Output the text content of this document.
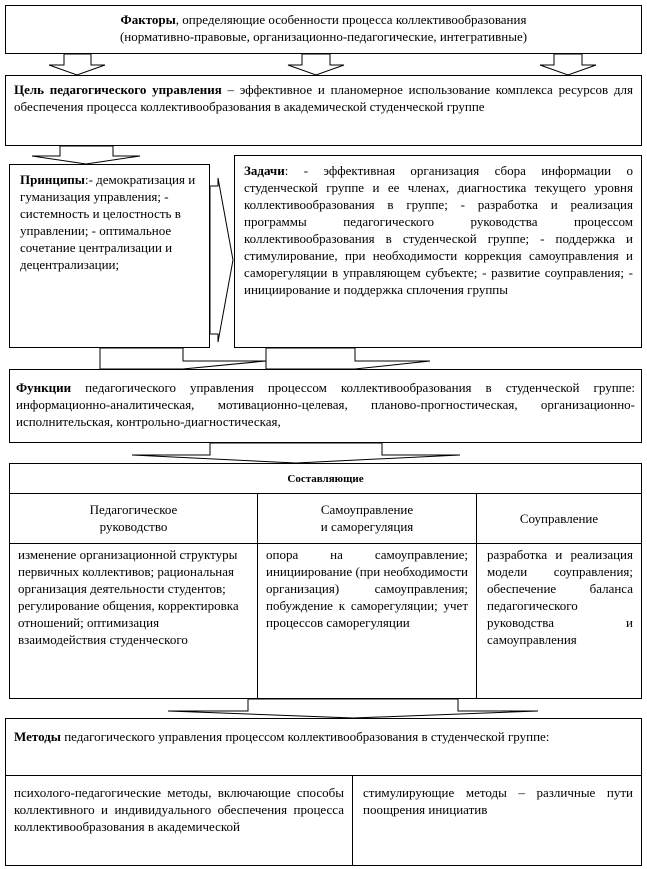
Факторы, определяющие особенности процесса коллективообразования
(нормативно-правовые, организационно-педагогические, интегративные)
Цель педагогического управления – эффективное и планомерное использование комплекса ресурсов для обеспечения процесса коллективообразования в академической студенческой группе
Принципы:- демократизация и гуманизация управления; - системность и целостность в управлении; - оптимальное сочетание централизации и децентрализации;
Задачи: - эффективная организация сбора информации о студенческой группе и ее членах, диагностика текущего уровня коллективообразования в группе; - разработка и реализация программы педагогического руководства процессом коллективообразования в студенческой группе; - поддержка и стимулирование, при необходимости коррекция самоуправления и саморегуляции в управляющем субъекте; - развитие соуправления; - инициирование и поддержка сплочения группы
Функции педагогического управления процессом коллективообразования в студенческой группе: информационно-аналитическая, мотивационно-целевая, планово-прогностическая, организационно-исполнительская, контрольно-диагностическая,
Составляющие
Педагогическое
руководство
Самоуправление
и саморегуляция
Соуправление
изменение организационной структуры первичных коллективов; рациональная организация деятельности студентов; регулирование общения, корректировка отношений; оптимизация взаимодействия студенческого
опора на самоуправление; инициирование (при необходимости организация) самоуправления; побуждение к саморегуляции; учет процессов саморегуляции
разработка и реализация модели соуправления; обеспечение баланса педагогического руководства и самоуправления
Методы педагогического управления процессом коллективообразования в студенческой группе:
психолого-педагогические методы, включающие способы коллективного и индивидуального обеспечения процесса коллективообразования в академической
стимулирующие методы – различные пути поощрения инициатив
